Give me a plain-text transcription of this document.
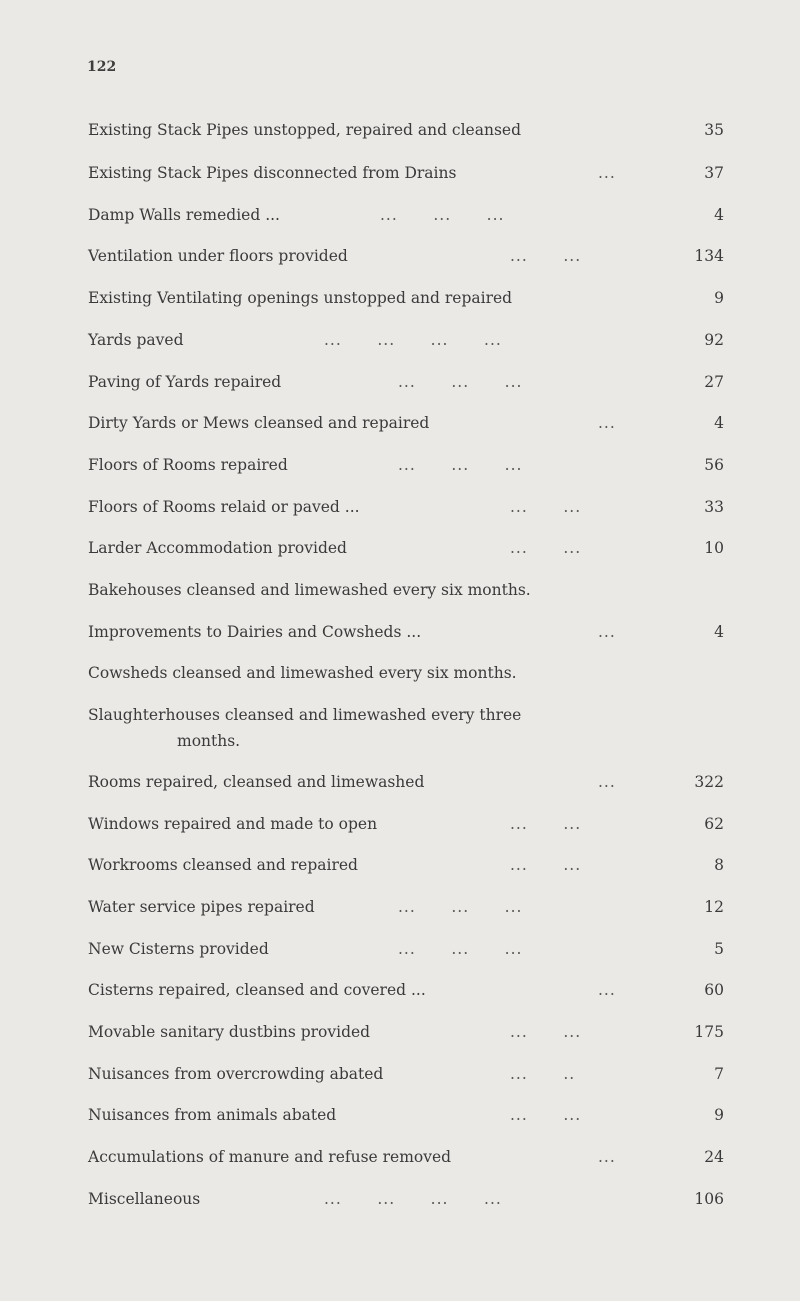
122
Existing Stack Pipes unstopped, repaired and cleansed	35
Existing Stack Pipes disconnected from Drains	...	37
Damp Walls remedied ...	...      ...      ...	4
Ventilation under floors provided	...      ...	134
Existing Ventilating openings unstopped and repaired	9
Yards paved	...      ...      ...      ...	92
Paving of Yards repaired	...      ...      ...	27
Dirty Yards or Mews cleansed and repaired	...	4
Floors of Rooms repaired	...      ...      ...	56
Floors of Rooms relaid or paved ...	...      ...	33
Larder Accommodation provided	...      ...	10
Bakehouses cleansed and limewashed every six months.
Improvements to Dairies and Cowsheds ...	...	4
Cowsheds cleansed and limewashed every six months.
Slaughterhouses cleansed and limewashed every three
months.
Rooms repaired, cleansed and limewashed	...	322
Windows repaired and made to open	...      ...	62
Workrooms cleansed and repaired	...      ...	8
Water service pipes repaired	...      ...      ...	12
New Cisterns provided	...      ...      ...	5
Cisterns repaired, cleansed and covered ...	...	60
Movable sanitary dustbins provided	...      ...	175
Nuisances from overcrowding abated	...      ..	7
Nuisances from animals abated	...      ...	9
Accumulations of manure and refuse removed	...	24
Miscellaneous	...      ...      ...      ...	106
